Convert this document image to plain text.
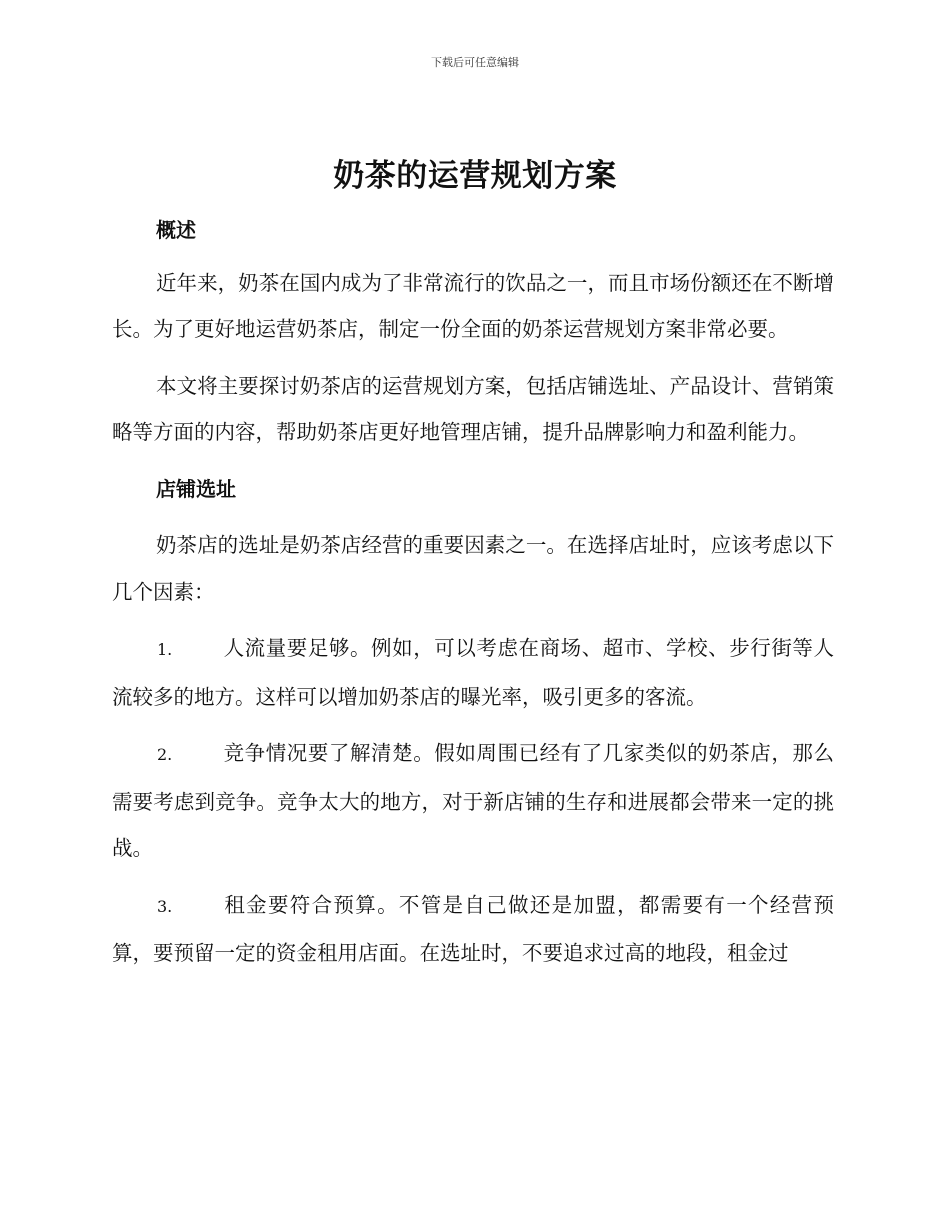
下载后可任意编辑
奶茶的运营规划方案

概述

近年来，奶茶在国内成为了非常流行的饮品之一，而且市场份额还在不断增长。为了更好地运营奶茶店，制定一份全面的奶茶运营规划方案非常必要。

本文将主要探讨奶茶店的运营规划方案，包括店铺选址、产品设计、营销策略等方面的内容，帮助奶茶店更好地管理店铺，提升品牌影响力和盈利能力。

店铺选址

奶茶店的选址是奶茶店经营的重要因素之一。在选择店址时，应该考虑以下几个因素：

1. 人流量要足够。例如，可以考虑在商场、超市、学校、步行街等人流较多的地方。这样可以增加奶茶店的曝光率，吸引更多的客流。

2. 竞争情况要了解清楚。假如周围已经有了几家类似的奶茶店，那么需要考虑到竞争。竞争太大的地方，对于新店铺的生存和进展都会带来一定的挑战。

3. 租金要符合预算。不管是自己做还是加盟，都需要有一个经营预算，要预留一定的资金租用店面。在选址时，不要追求过高的地段，租金过
